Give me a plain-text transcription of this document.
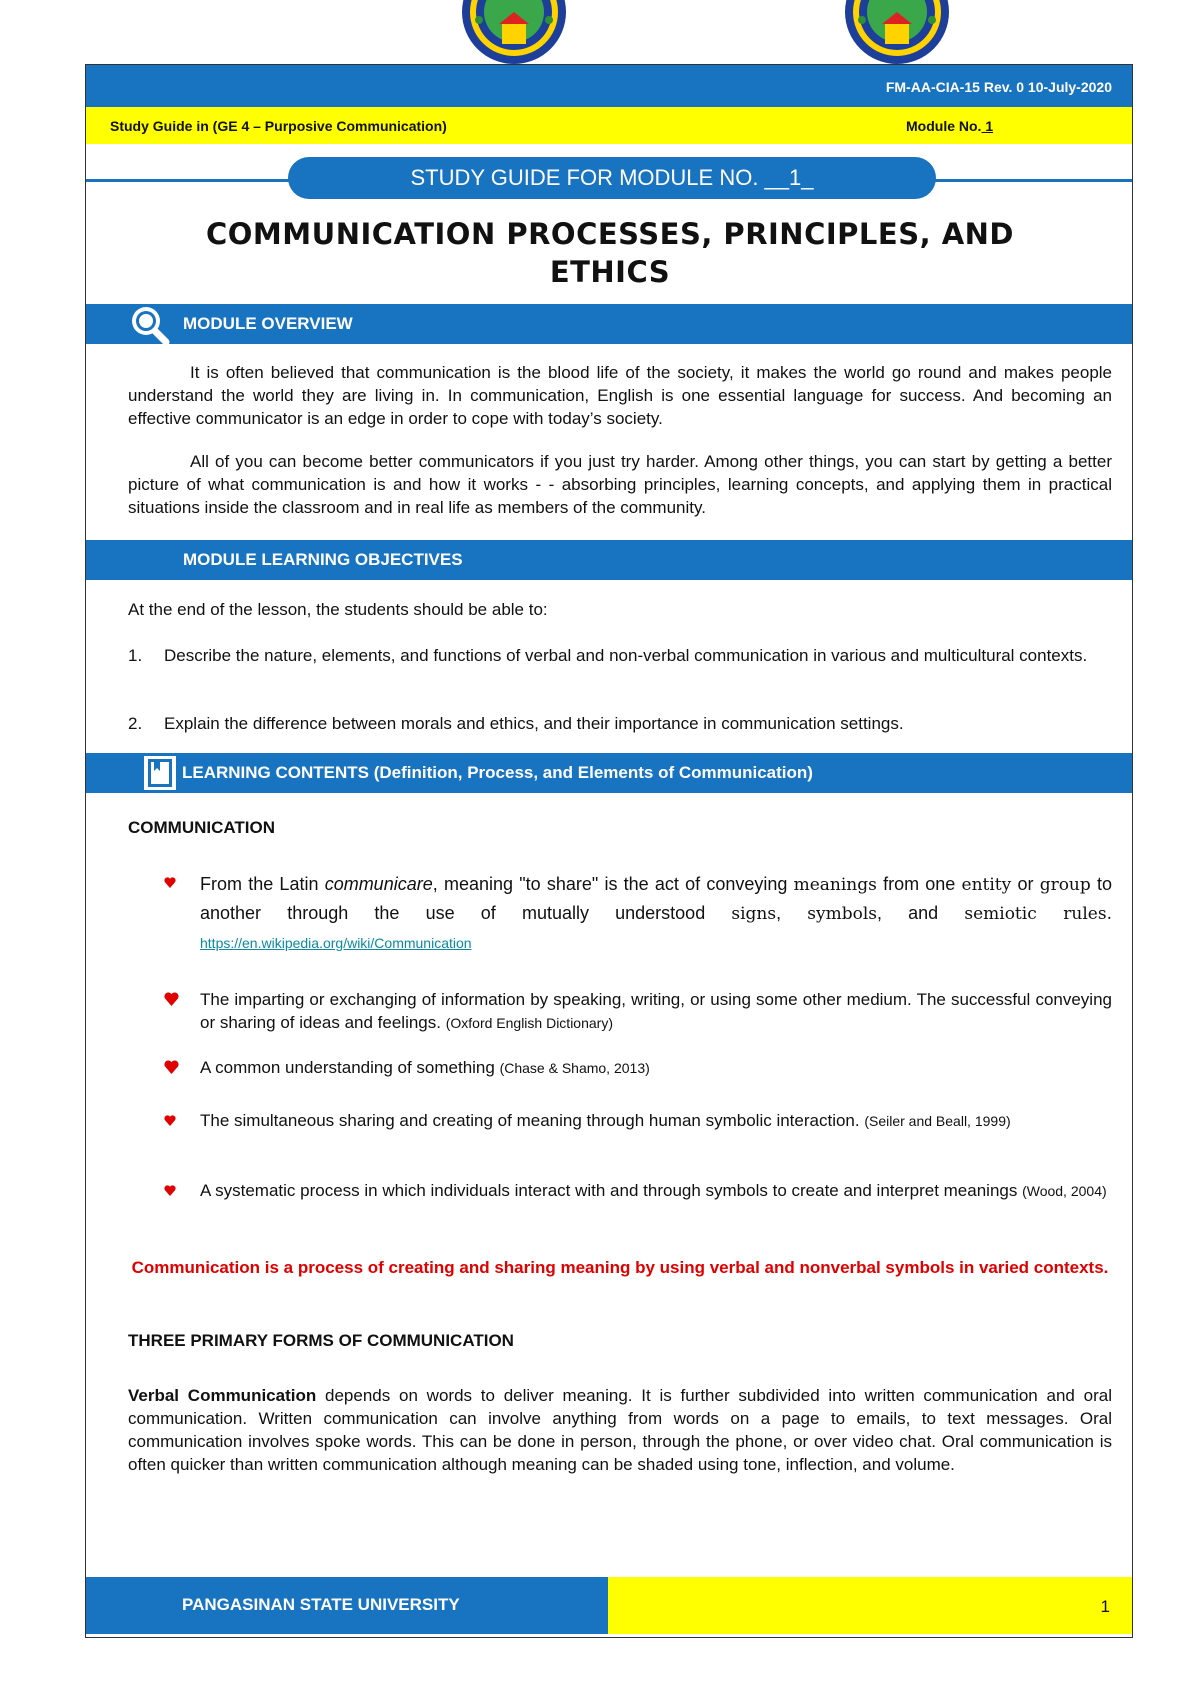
FM-AA-CIA-15 Rev. 0 10-July-2020
Study Guide in (GE 4 – Purposive Communication)	Module No. 1
STUDY GUIDE FOR MODULE NO. __1_
COMMUNICATION PROCESSES, PRINCIPLES, AND
ETHICS
MODULE OVERVIEW

It is often believed that communication is the blood life of the society, it makes the world go round and makes people understand the world they are living in. In communication, English is one essential language for success. And becoming an effective communicator is an edge in order to cope with today’s society.

All of you can become better communicators if you just try harder. Among other things, you can start by getting a better picture of what communication is and how it works - - absorbing principles, learning concepts, and applying them in practical situations inside the classroom and in real life as members of the community.

MODULE LEARNING OBJECTIVES
At the end of the lesson, the students should be able to:
1. Describe the nature, elements, and functions of verbal and non-verbal communication in various and multicultural contexts.
2. Explain the difference between morals and ethics, and their importance in communication settings.
LEARNING CONTENTS (Definition, Process, and Elements of Communication)
COMMUNICATION
From the Latin communicare, meaning "to share" is the act of conveying meanings from one entity or group to another through the use of mutually understood signs, symbols, and semiotic rules. https://en.wikipedia.org/wiki/Communication
The imparting or exchanging of information by speaking, writing, or using some other medium. The successful conveying or sharing of ideas and feelings. (Oxford English Dictionary)
A common understanding of something (Chase & Shamo, 2013)
The simultaneous sharing and creating of meaning through human symbolic interaction. (Seiler and Beall, 1999)
A systematic process in which individuals interact with and through symbols to create and interpret meanings (Wood, 2004)
Communication is a process of creating and sharing meaning by using verbal and nonverbal symbols in varied contexts.
THREE PRIMARY FORMS OF COMMUNICATION
Verbal Communication depends on words to deliver meaning. It is further subdivided into written communication and oral communication. Written communication can involve anything from words on a page to emails, to text messages. Oral communication involves spoke words. This can be done in person, through the phone, or over video chat. Oral communication is often quicker than written communication although meaning can be shaded using tone, inflection, and volume.
PANGASINAN STATE UNIVERSITY	1
